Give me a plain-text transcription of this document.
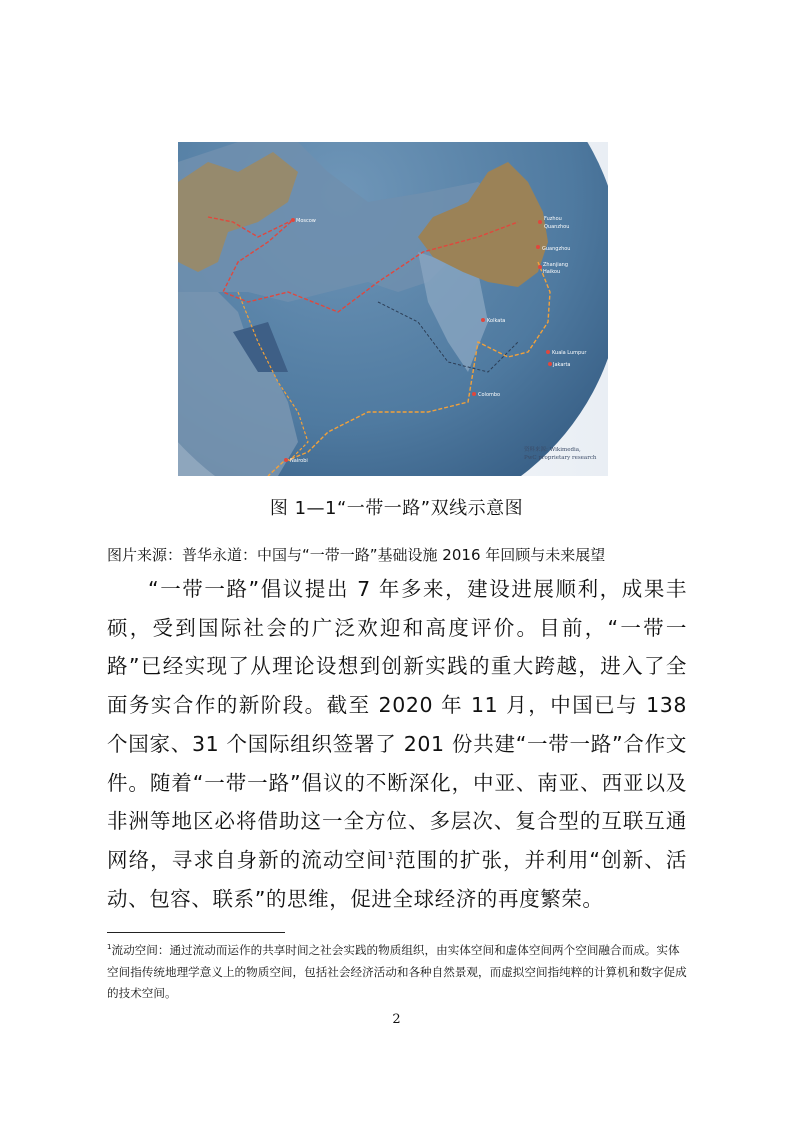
Moscow	Fuzhou
Quanzhou
Guangzhou
Zhanjiang
Haikou
Kolkata
Kuala Lumpur
Jakarta
Colombo
Nairobi
资料来源: Wikimedia,
PwC proprietary research
图 1—1“一带一路”双线示意图
图片来源：普华永道：中国与“一带一路”基础设施 2016 年回顾与未来展望
“一带一路”倡议提出 7 年多来，建设进展顺利，成果丰硕，受到国际社会的广泛欢迎和高度评价。目前，“一带一路”已经实现了从理论设想到创新实践的重大跨越，进入了全面务实合作的新阶段。截至 2020 年 11 月，中国已与 138 个国家、31 个国际组织签署了 201 份共建“一带一路”合作文件。随着“一带一路”倡议的不断深化，中亚、南亚、西亚以及非洲等地区必将借助这一全方位、多层次、复合型的互联互通网络，寻求自身新的流动空间$^1$范围的扩张，并利用“创新、活动、包容、联系”的思维，促进全球经济的再度繁荣。
$^1$流动空间：通过流动而运作的共享时间之社会实践的物质组织，由实体空间和虚体空间两个空间融合而成。实体空间指传统地理学意义上的物质空间，包括社会经济活动和各种自然景观，而虚拟空间指纯粹的计算机和数字促成的技术空间。
2
